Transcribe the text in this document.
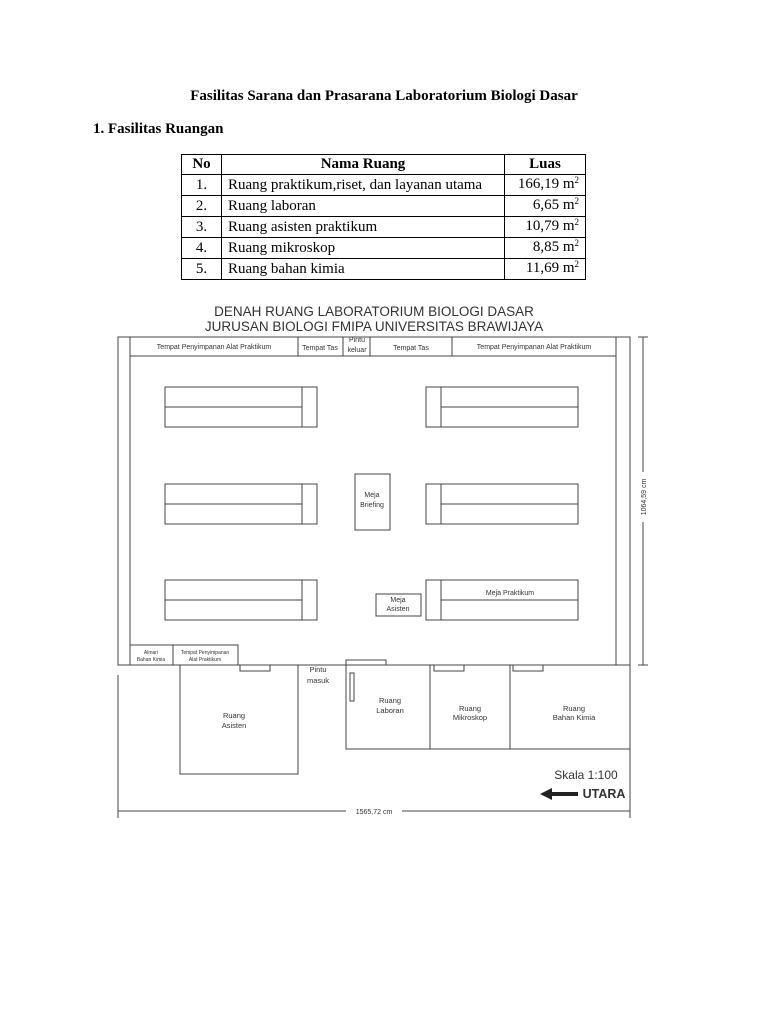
Fasilitas Sarana dan Prasarana Laboratorium Biologi Dasar
1. Fasilitas Ruangan
No	Nama Ruang	Luas
1.	Ruang praktikum,riset, dan layanan utama	166,19 $m^2$
2.	Ruang laboran	6,65 $m^2$
3.	Ruang asisten praktikum	10,79 $m^2$
4.	Ruang mikroskop	8,85 $m^2$
5.	Ruang bahan kimia	11,69 $m^2$
DENAH RUANG LABORATORIUM BIOLOGI DASAR
JURUSAN BIOLOGI FMIPA UNIVERSITAS BRAWIJAYA
Tempat Penyimpanan Alat Praktikum	Tempat Tas
Pintu
keluar	Tempat Tas	Tempat Penyimpanan Alat Praktikum
Meja
Briefing
Meja
Asisten
Meja Praktikum
Almari
Bahan Kimia
Tempat Penyimpanan
Alat Praktikum
Pintu
masuk
Ruang
Asisten
Ruang
Laboran	Ruang
Mikroskop
Ruang
Bahan Kimia
Skala 1:100
UTARA
1565,72 cm
1064,59 cm
